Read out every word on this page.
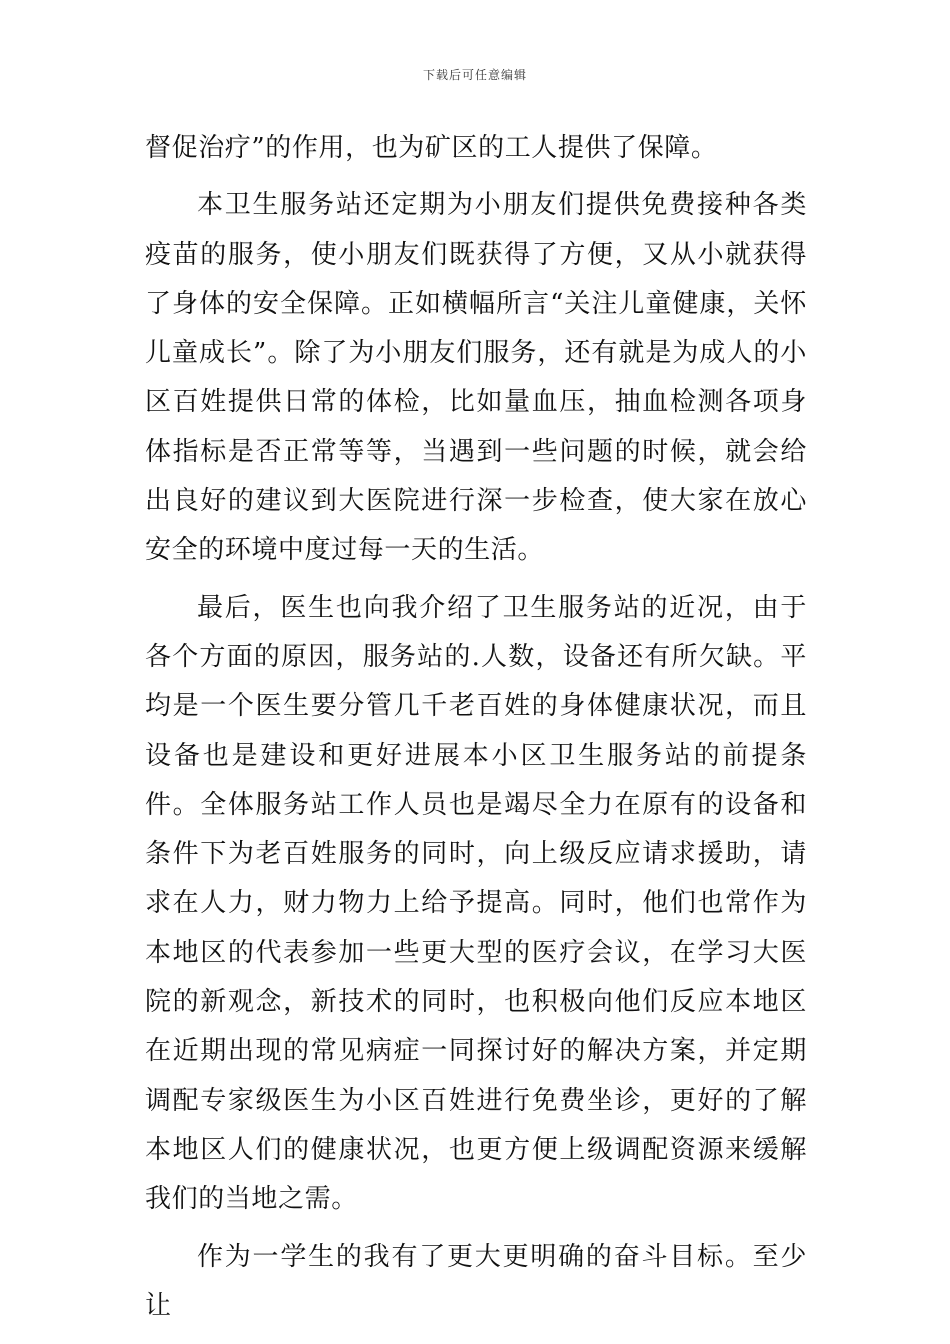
下载后可任意编辑

督促治疗”的作用，也为矿区的工人提供了保障。

本卫生服务站还定期为小朋友们提供免费接种各类疫苗的服务，使小朋友们既获得了方便，又从小就获得了身体的安全保障。正如横幅所言“关注儿童健康，关怀儿童成长”。除了为小朋友们服务，还有就是为成人的小区百姓提供日常的体检，比如量血压，抽血检测各项身体指标是否正常等等，当遇到一些问题的时候，就会给出良好的建议到大医院进行深一步检查，使大家在放心安全的环境中度过每一天的生活。

最后，医生也向我介绍了卫生服务站的近况，由于各个方面的原因，服务站的.人数，设备还有所欠缺。平均是一个医生要分管几千老百姓的身体健康状况，而且设备也是建设和更好进展本小区卫生服务站的前提条件。全体服务站工作人员也是竭尽全力在原有的设备和条件下为老百姓服务的同时，向上级反应请求援助，请求在人力，财力物力上给予提高。同时，他们也常作为本地区的代表参加一些更大型的医疗会议，在学习大医院的新观念，新技术的同时，也积极向他们反应本地区在近期出现的常见病症一同探讨好的解决方案，并定期调配专家级医生为小区百姓进行免费坐诊，更好的了解本地区人们的健康状况，也更方便上级调配资源来缓解我们的当地之需。

作为一学生的我有了更大更明确的奋斗目标。至少让
